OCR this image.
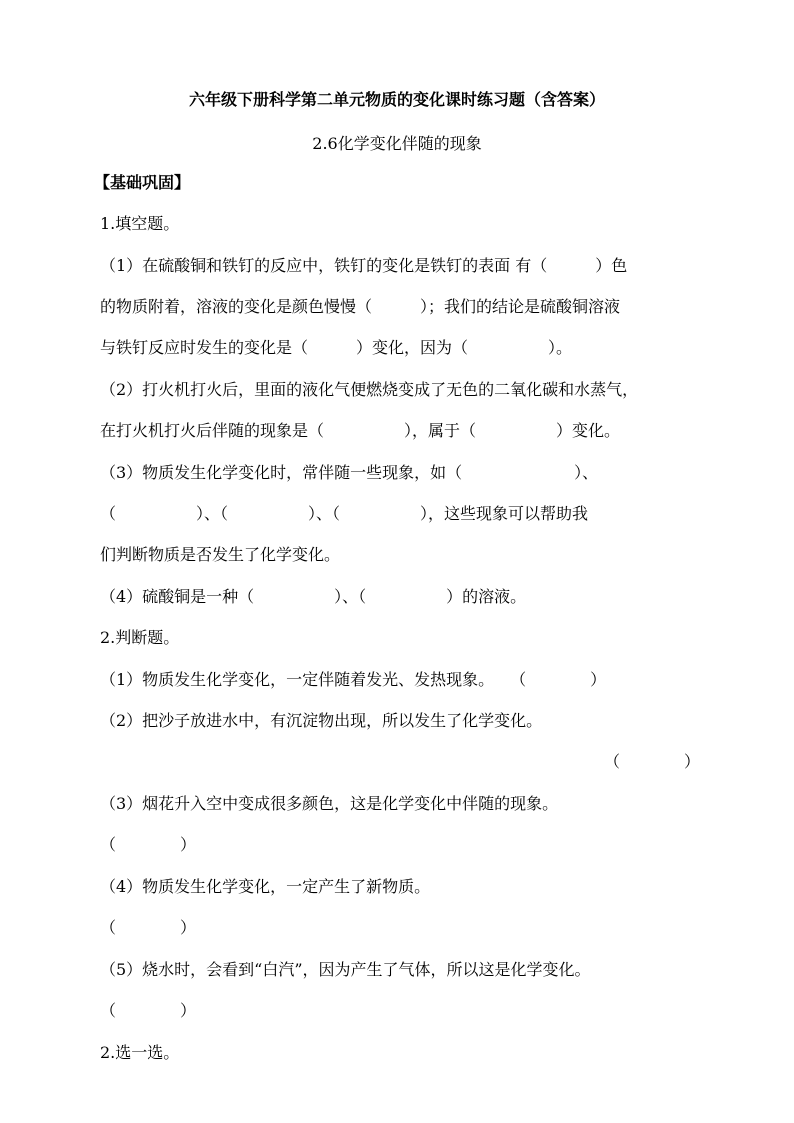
六年级下册科学第二单元物质的变化课时练习题（含答案）
2.6化学变化伴随的现象
【基础巩固】
1.填空题。
（1）在硫酸铜和铁钉的反应中，铁钉的变化是铁钉的表面 有（　　　）色
的物质附着，溶液的变化是颜色慢慢（　　　）；我们的结论是硫酸铜溶液
与铁钉反应时发生的变化是（　　　）变化，因为（　　　　　）。
（2）打火机打火后，里面的液化气便燃烧变成了无色的二氧化碳和水蒸气，
在打火机打火后伴随的现象是（　　　　　），属于（　　　　　）变化。
（3）物质发生化学变化时，常伴随一些现象，如（　　　　　　　）、
（　　　　　）、（　　　　　）、（　　　　　），这些现象可以帮助我
们判断物质是否发生了化学变化。
（4）硫酸铜是一种（　　　　　）、（　　　　　）的溶液。
2.判断题。
（1）物质发生化学变化，一定伴随着发光、发热现象。　　（　　　　）
（2）把沙子放进水中，有沉淀物出现，所以发生了化学变化。
（　　　　）
（3）烟花升入空中变成很多颜色，这是化学变化中伴随的现象。
（　　　　）
（4）物质发生化学变化，一定产生了新物质。
（　　　　）
（5）烧水时，会看到“白汽”，因为产生了气体，所以这是化学变化。
（　　　　）
2.选一选。
